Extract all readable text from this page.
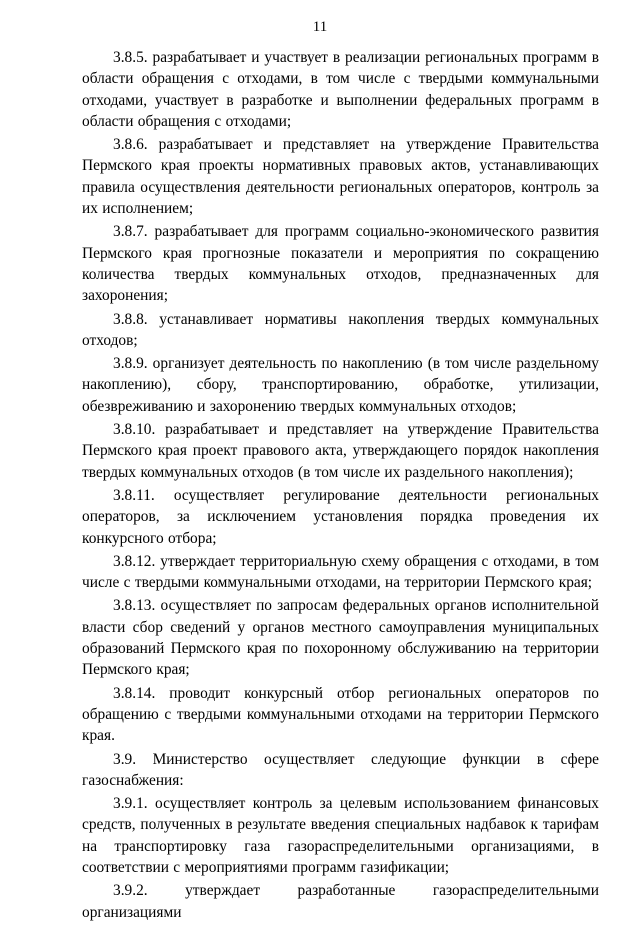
11

3.8.5. разрабатывает и участвует в реализации региональных программ в области обращения с отходами, в том числе с твердыми коммунальными отходами, участвует в разработке и выполнении федеральных программ в области обращения с отходами;

3.8.6. разрабатывает и представляет на утверждение Правительства Пермского края проекты нормативных правовых актов, устанавливающих правила осуществления деятельности региональных операторов, контроль за их исполнением;

3.8.7. разрабатывает для программ социально-экономического развития Пермского края прогнозные показатели и мероприятия по сокращению количества твердых коммунальных отходов, предназначенных для захоронения;

3.8.8. устанавливает нормативы накопления твердых коммунальных отходов;

3.8.9. организует деятельность по накоплению (в том числе раздельному накоплению), сбору, транспортированию, обработке, утилизации, обезвреживанию и захоронению твердых коммунальных отходов;

3.8.10. разрабатывает и представляет на утверждение Правительства Пермского края проект правового акта, утверждающего порядок накопления твердых коммунальных отходов (в том числе их раздельного накопления);

3.8.11. осуществляет регулирование деятельности региональных операторов, за исключением установления порядка проведения их конкурсного отбора;

3.8.12. утверждает территориальную схему обращения с отходами, в том числе с твердыми коммунальными отходами, на территории Пермского края;

3.8.13. осуществляет по запросам федеральных органов исполнительной власти сбор сведений у органов местного самоуправления муниципальных образований Пермского края по похоронному обслуживанию на территории Пермского края;

3.8.14. проводит конкурсный отбор региональных операторов по обращению с твердыми коммунальными отходами на территории Пермского края.

3.9. Министерство осуществляет следующие функции в сфере газоснабжения:

3.9.1. осуществляет контроль за целевым использованием финансовых средств, полученных в результате введения специальных надбавок к тарифам на транспортировку газа газораспределительными организациями, в соответствии с мероприятиями программ газификации;

3.9.2. утверждает разработанные газораспределительными организациями
